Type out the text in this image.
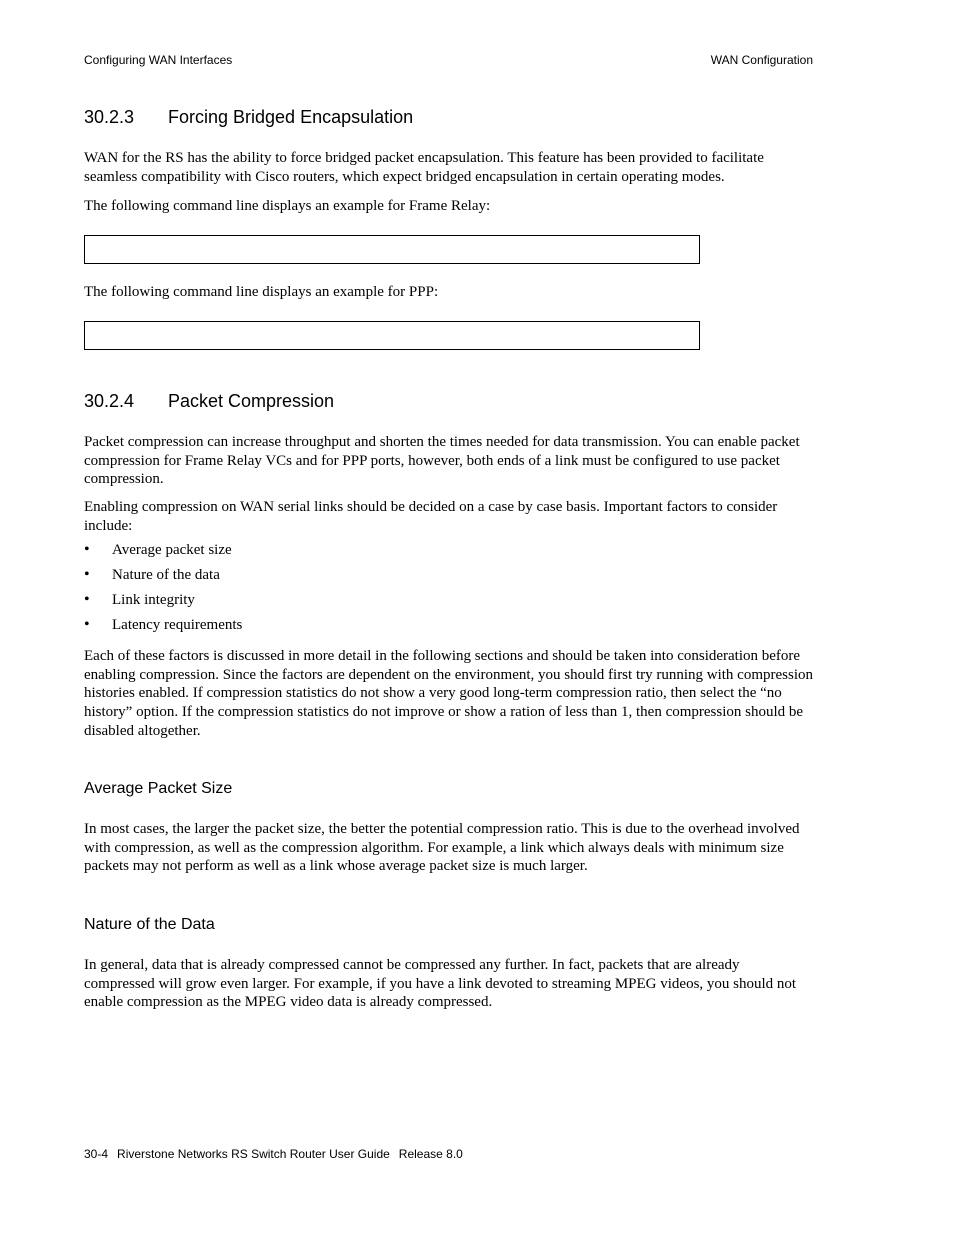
Configuring WAN Interfaces	WAN Configuration
30.2.3 Forcing Bridged Encapsulation
WAN for the RS has the ability to force bridged packet encapsulation. This feature has been provided to facilitate seamless compatibility with Cisco routers, which expect bridged encapsulation in certain operating modes.
The following command line displays an example for Frame Relay:
The following command line displays an example for PPP:
30.2.4 Packet Compression
Packet compression can increase throughput and shorten the times needed for data transmission. You can enable packet compression for Frame Relay VCs and for PPP ports, however, both ends of a link must be configured to use packet compression.
Enabling compression on WAN serial links should be decided on a case by case basis. Important factors to consider include:
• Average packet size
• Nature of the data
• Link integrity
• Latency requirements
Each of these factors is discussed in more detail in the following sections and should be taken into consideration before enabling compression. Since the factors are dependent on the environment, you should first try running with compression histories enabled. If compression statistics do not show a very good long-term compression ratio, then select the “no history” option. If the compression statistics do not improve or show a ration of less than 1, then compression should be disabled altogether.
Average Packet Size
In most cases, the larger the packet size, the better the potential compression ratio. This is due to the overhead involved with compression, as well as the compression algorithm. For example, a link which always deals with minimum size packets may not perform as well as a link whose average packet size is much larger.
Nature of the Data
In general, data that is already compressed cannot be compressed any further. In fact, packets that are already compressed will grow even larger. For example, if you have a link devoted to streaming MPEG videos, you should not enable compression as the MPEG video data is already compressed.
30-4 Riverstone Networks RS Switch Router User Guide Release 8.0
